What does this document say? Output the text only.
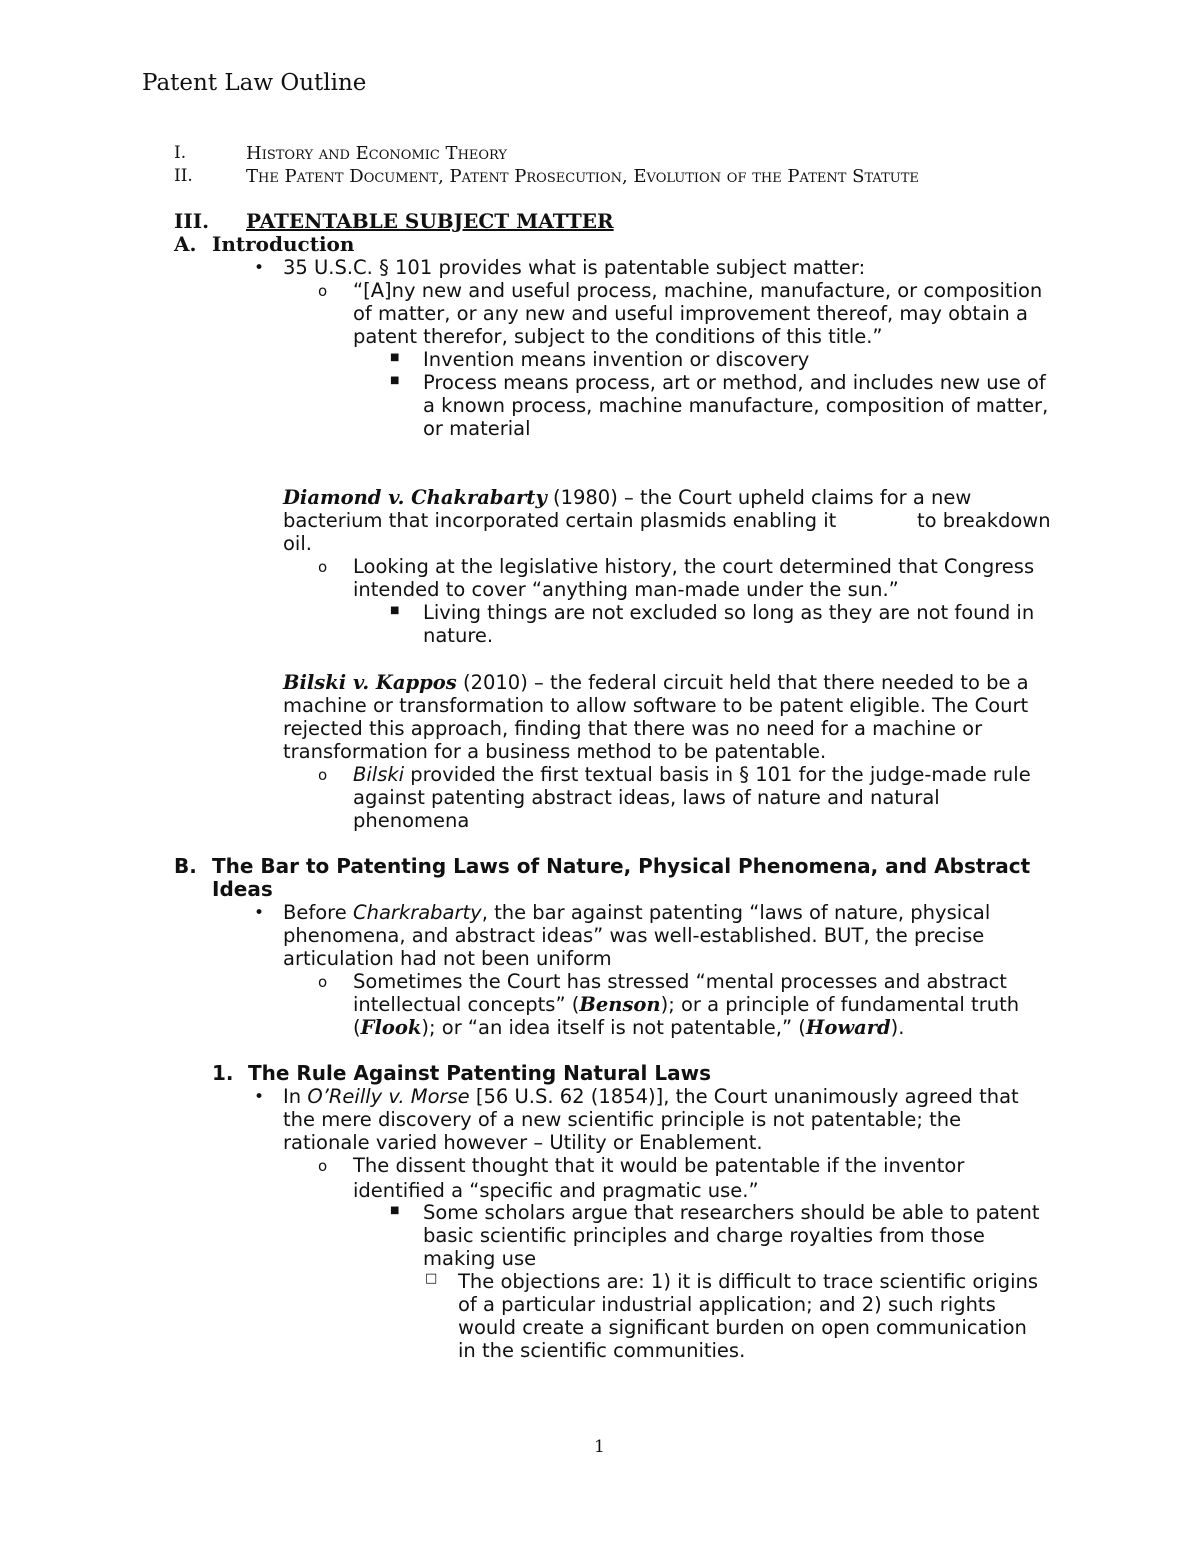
Patent Law Outline
I.	History and Economic Theory
II.	The Patent Document, Patent Prosecution, Evolution of the Patent Statute
III. PATENTABLE SUBJECT MATTER
A. Introduction
• 35 U.S.C. § 101 provides what is patentable subject matter:
o “[A]ny new and useful process, machine, manufacture, or composition
of matter, or any new and useful improvement thereof, may obtain a
patent therefor, subject to the conditions of this title.”
■ Invention means invention or discovery
■ Process means process, art or method, and includes new use of
a known process, machine manufacture, composition of matter,
or material
Diamond v. Chakrabarty (1980) – the Court upheld claims for a new
bacterium that incorporated certain plasmids enabling it	to breakdown
oil.
o Looking at the legislative history, the court determined that Congress
intended to cover “anything man-made under the sun.”
■ Living things are not excluded so long as they are not found in
nature.
Bilski v. Kappos (2010) – the federal circuit held that there needed to be a
machine or transformation to allow software to be patent eligible. The Court
rejected this approach, finding that there was no need for a machine or
transformation for a business method to be patentable.
o Bilski provided the first textual basis in § 101 for the judge-made rule
against patenting abstract ideas, laws of nature and natural
phenomena
B. The Bar to Patenting Laws of Nature, Physical Phenomena, and Abstract
Ideas
• Before Charkrabarty, the bar against patenting “laws of nature, physical
phenomena, and abstract ideas” was well-established. BUT, the precise
articulation had not been uniform
o Sometimes the Court has stressed “mental processes and abstract
intellectual concepts” (Benson); or a principle of fundamental truth
(Flook); or “an idea itself is not patentable,” (Howard).
1. The Rule Against Patenting Natural Laws
• In O’Reilly v. Morse [56 U.S. 62 (1854)], the Court unanimously agreed that
the mere discovery of a new scientific principle is not patentable; the
rationale varied however – Utility or Enablement.
o The dissent thought that it would be patentable if the inventor
identified a “specific and pragmatic use.”
■ Some scholars argue that researchers should be able to patent
basic scientific principles and charge royalties from those
making use
□ The objections are: 1) it is difficult to trace scientific origins
of a particular industrial application; and 2) such rights
would create a significant burden on open communication
in the scientific communities.
1
